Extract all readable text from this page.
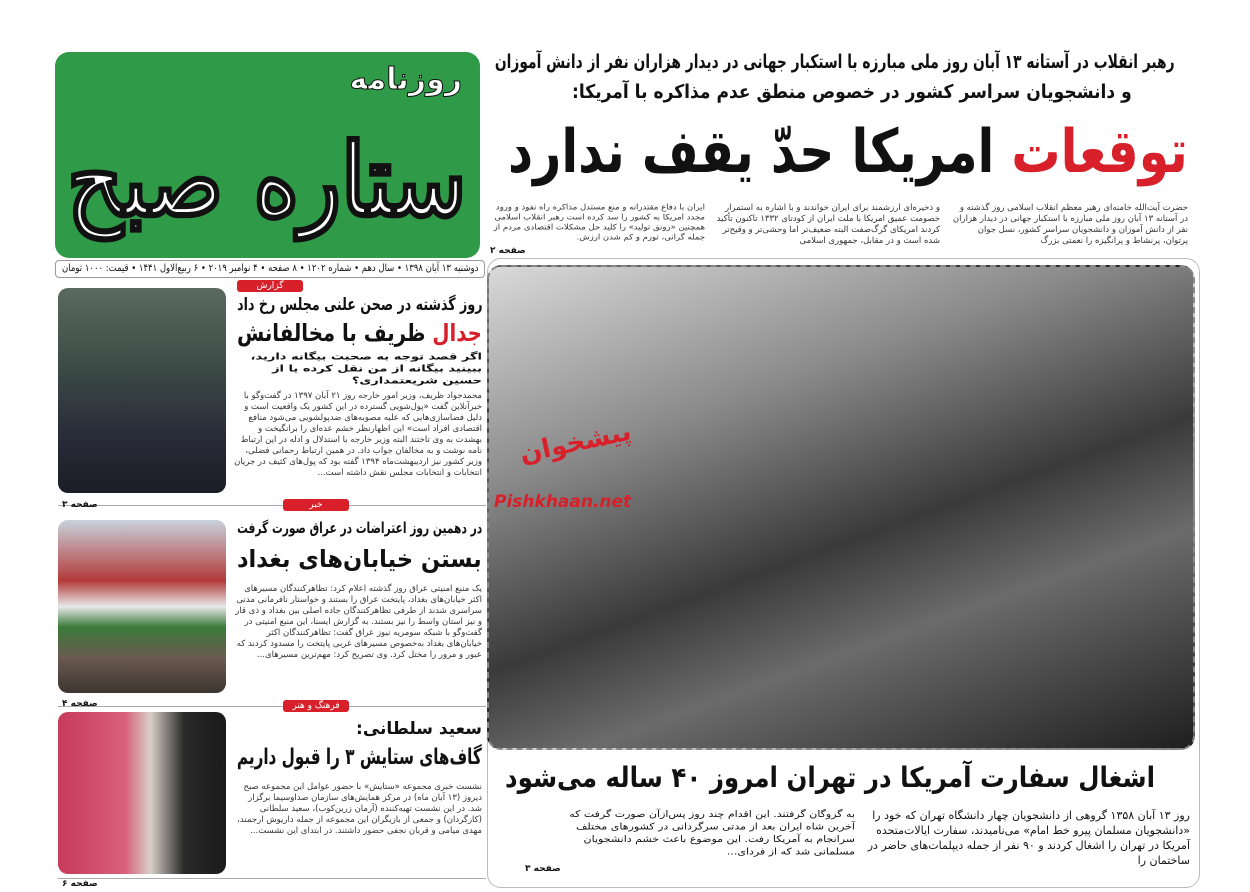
روزنامه
ستاره صبح
دوشنبه ۱۳ آبان ۱۳۹۸ • سال دهم • شماره ۱۲۰۲ • ۸ صفحه • ۴ نوامبر ۲۰۱۹ • ۶ ربیع‌الاول ۱۴۴۱ • قیمت: ۱۰۰۰ تومان
رهبر انقلاب در آستانه ۱۳ آبان روز ملی مبارزه با استکبار جهانی در دیدار هزاران نفر از دانش آموزان
و دانشجویان سراسر کشور در خصوص منطق عدم مذاکره با آمریکا:
توقعات امریکا حدّ یقف ندارد
حضرت آیت‌الله خامنه‌ای رهبر معظم انقلاب اسلامی روز گذشته و در آستانه ۱۳ آبان روز ملی مبارزه با استکبار جهانی در دیدار هزاران نفر از دانش آموزان و دانشجویان سراسر کشور، نسل جوان پرتوان، پرنشاط و پرانگیزه را نعمتی بزرگ
و ذخیره‌ای ارزشمند برای ایران خواندند و با اشاره به استمرار خصومت عمیق امریکا با ملت ایران از کودتای ۱۳۳۲ تاکنون تأکید کردند امریکای گرگ‌صفت البته ضعیف‌تر اما وحشی‌تر و وقیح‌تر شده است و در مقابل، جمهوری اسلامی
ایران با دفاع مقتدرانه و منع مستدل مذاکره راه نفوذ و ورود مجدد امریکا به کشور را سد کرده است رهبر انقلاب اسلامی همچنین «رونق تولید» را کلید حل مشکلات اقتصادی مردم از جمله گرانی، تورم و کم شدن ارزش.
صفحه ۲
پیشخوان
Pishkhaan.net
اشغال سفارت آمریکا در تهران امروز ۴۰ ساله می‌شود
روز ۱۳ آبان ۱۳۵۸ گروهی از دانشجویان چهار دانشگاه تهران که خود را «دانشجویان مسلمان پیرو خط امام» می‌نامیدند، سفارت ایالات‌متحده آمریکا در تهران را اشغال کردند و ۹۰ نفر از جمله دیپلمات‌های حاضر در ساختمان را
به گروگان گرفتند. این اقدام چند روز پس‌ازآن صورت گرفت که آخرین شاه ایران بعد از مدتی سرگردانی در کشورهای مختلف سرانجام به آمریکا رفت. این موضوع باعث خشم دانشجویان مسلمانی شد که از فردای...
صفحه ۳
گزارش
روز گذشته در صحن علنی مجلس رخ داد
جدال ظریف با مخالفانش
اگر قصد توجه به صحبت بیگانه دارید، ببینید بیگانه از من نقل کرده یا از حسین شریعتمداری؟
محمدجواد ظریف، وزیر امور خارجه روز ۲۱ آبان ۱۳۹۷ در گفت‌وگو با خبرآنلاین گفت «پول‌شویی گسترده در این کشور یک واقعیت است و دلیل فضاسازی‌هایی که علیه مصوبه‌های ضدپولشویی می‌شود منافع اقتصادی افراد است» این اظهارنظر خشم عده‌ای را برانگیخت و بهشدت به وی تاختند البته وزیر خارجه با استدلال و ادله در این ارتباط نامه نوشت و به مخالفان جواب داد. در همین ارتباط رحمانی فضلی، وزیر کشور نیز اردیبهشت‌ماه ۱۳۹۴ گفته بود که پول‌های کثیف در جریان انتخابات و انتخابات مجلس نقش داشته است...
خبر
صفحه ۳
در دهمین روز اعتراضات در عراق صورت گرفت
بستن خیابان‌های بغداد
یک منبع امنیتی عراق روز گذشته اعلام کرد: تظاهرکنندگان مسیرهای اکثر خیابان‌های بغداد، پایتخت عراق را بستند و خواستار نافرمانی مدنی سراسری شدند از طرفی تظاهرکنندگان جاده اصلی بین بغداد و ذی قار و نیز استان واسط را نیز بستند. به گزارش ایسنا، این منبع امنیتی در گفت‌وگو با شبکه سومریه نیوز عراق گفت: تظاهرکنندگان اکثر خیابان‌های بغداد به‌خصوص مسیرهای غربی پایتخت را مسدود کردند که عبور و مرور را مختل کرد. وی تصریح کرد: مهم‌ترین مسیرهای...
فرهنگ و هنر
صفحه ۴
سعید سلطانی:
گاف‌های ستایش ۳ را قبول داریم
نشست خبری مجموعه «ستایش» با حضور عوامل این مجموعه صبح دیروز (۱۳ آبان ماه) در مرکز همایش‌های سازمان صداوسیما برگزار شد. در این نشست تهیه‌کننده (آرمان زرین‌کوب)، سعید سلطانی (کارگردان) و جمعی از بازیگران این مجموعه از جمله داریوش ارجمند، مهدی میامی و قربان نجفی حضور داشتند. در ابتدای این نشست...
صفحه ۶
